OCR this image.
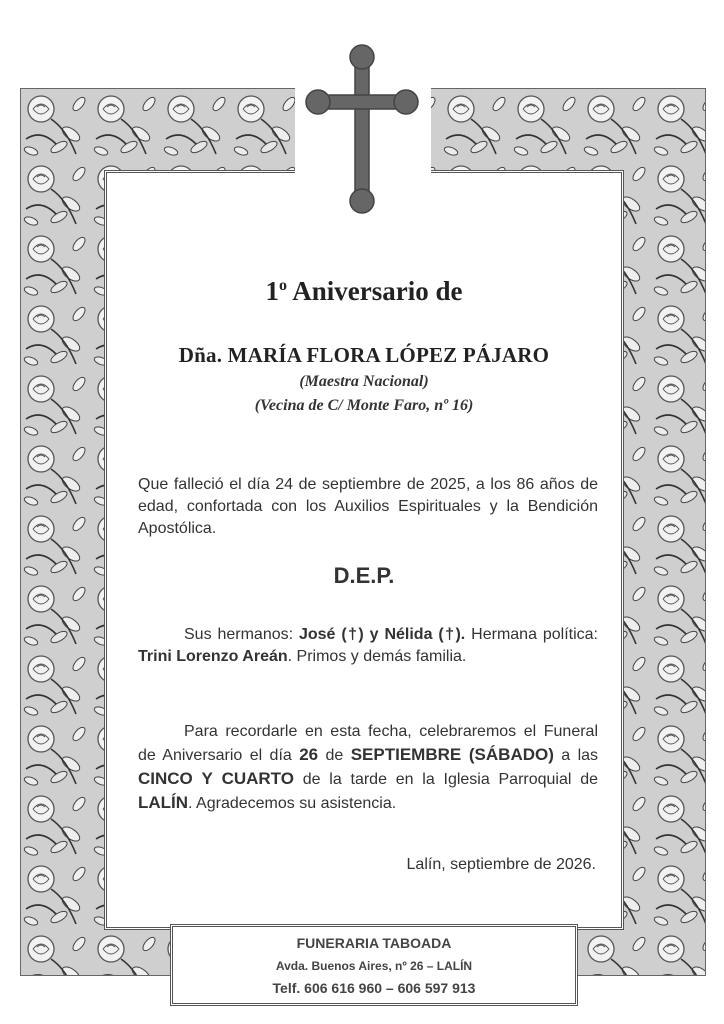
1$^o$ Aniversario de
Dña. MARÍA FLORA LÓPEZ PÁJARO
(Maestra Nacional)
(Vecina de C/ Monte Faro, nº 16)
Que falleció el día 24 de septiembre de 2025, a los 86 años de edad, confortada con los Auxilios Espirituales y la Bendición Apostólica.
D.E.P.
Sus hermanos: José (†) y Nélida (†). Hermana política: Trini Lorenzo Areán. Primos y demás familia.
Para recordarle en esta fecha, celebraremos el Funeral de Aniversario el día 26 de SEPTIEMBRE (SÁBADO) a las CINCO Y CUARTO de la tarde en la Iglesia Parroquial de LALÍN. Agradecemos su asistencia.
Lalín, septiembre de 2026.
FUNERARIA TABOADA
Avda. Buenos Aires, nº 26 – LALÍN
Telf. 606 616 960 – 606 597 913
